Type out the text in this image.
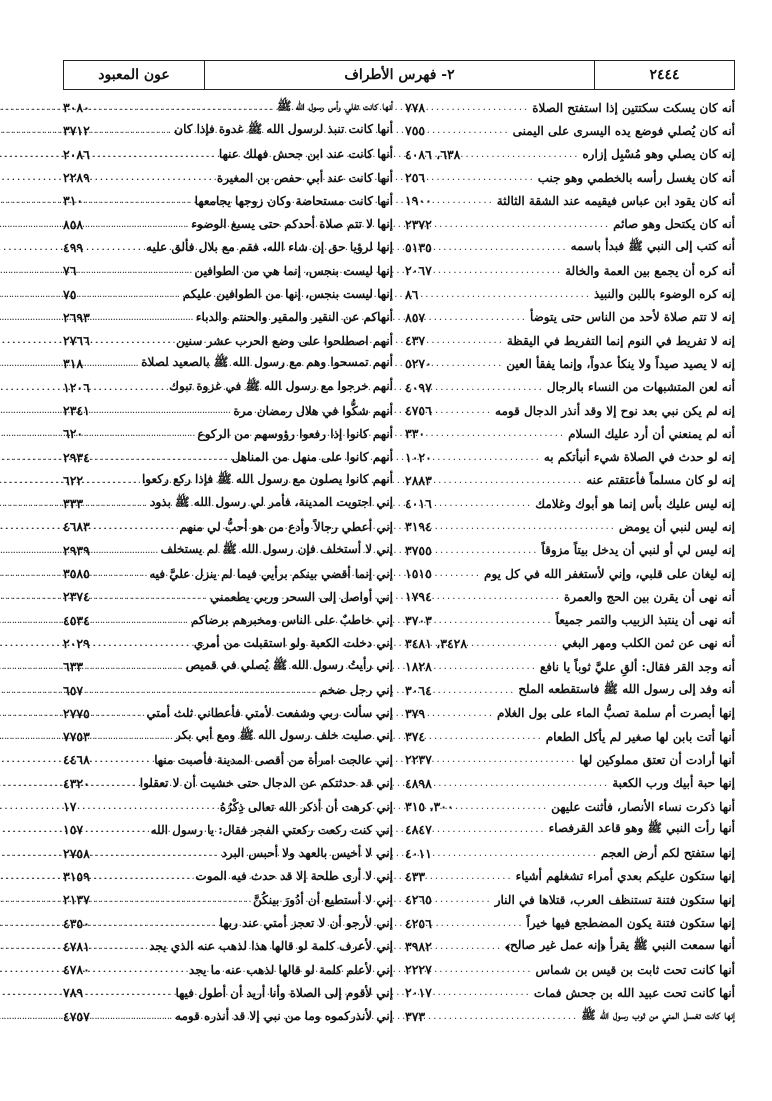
٢٤٤٤
٢- فهرس الأطراف
عون المعبود
أنه كان يسكت سكتتين إذا استفتح الصلاة
.....
٧٧٨
أنه كان يُصلي فوضع يده اليسرى على اليمنى
.....
٧٥٥
إنه كان يصلي وهو مُسْبِل إزاره
.....
٦٣٨، ٤٠٨٦
أنه كان يغسل رأسه بالخطمي وهو جنب
.....
٢٥٦
أنه كان يقود ابن عباس فيقيمه عند الشقة الثالثة
.....
١٩٠٠
أنه كان يكتحل وهو صائم
.....
٢٣٧٢
أنه كتب إلى النبي ﷺ فبدأ باسمه
.....
٥١٣٥
أنه كره أن يجمع بين العمة والخالة
.....
٢٠٦٧
إنه كره الوضوء باللبن والنبيذ
.....
٨٦
إنه لا تتم صلاة لأحد من الناس حتى يتوضأ
.....
٨٥٧
إنه لا تفريط في النوم إنما التفريط في اليقظة
.....
٤٣٧
إنه لا يصيد صيداً ولا ينكأ عدواً، وإنما يفقأ العين
.....
٥٢٧٠
أنه لعن المتشبهات من النساء بالرجال
.....
٤٠٩٧
إنه لم يكن نبي بعد نوح إلا وقد أنذر الدجال قومه
.....
٤٧٥٦
أنه لم يمنعني أن أرد عليك السلام
.....
٣٣٠
إنه لو حدث في الصلاة شيء أنبأتكم به
.....
١٠٢٠
إنه لو كان مسلماً فأعتقتم عنه
.....
٢٨٨٣
إنه ليس عليك بأس إنما هو أبوك وغلامك
.....
٤٠١٦
إنه ليس لنبي أن يومض
.....
٣١٩٤
إنه ليس لي أو لنبي أن يدخل بيتاً مزوقاً
.....
٣٧٥٥
إنه ليغان على قلبي، وإني لأستغفر الله في كل يوم
.....
١٥١٥
أنه نهى أن يقرن بين الحج والعمرة
.....
١٧٩٤
أنه نهى أن ينتبذ الزبيب والتمر جميعاً
.....
٣٧٠٣
أنه نهى عن ثمن الكلب ومهر البغي
.....
٣٤٢٨، ٣٤٨١
أنه وجد القر فقال: ألقِ عليَّ ثوباً يا نافع
.....
١٨٢٨
أنه وفد إلى رسول الله ﷺ فاستقطعه الملح
.....
٣٠٦٤
إنها أبصرت أم سلمة تصبُّ الماء على بول الغلام
.....
٣٧٩
أنها أتت بابن لها صغير لم يأكل الطعام
.....
٣٧٤
أنها أرادت أن تعتق مملوكين لها
.....
٢٢٣٧
إنها حبة أبيك ورب الكعبة
.....
٤٨٩٨
أنها ذكرت نساء الأنصار، فأثنت عليهن
.....
٣٠٠، ٣١٥
أنها رأت النبي ﷺ وهو قاعد القرفصاء
.....
٤٨٤٧
إنها ستفتح لكم أرض العجم
.....
٤٠١١
إنها ستكون عليكم بعدي أمراء تشغلهم أشياء
.....
٤٣٣
إنها ستكون فتنة تستنظف العرب، قتلاها في النار
.....
٤٢٦٥
إنها ستكون فتنة يكون المضطجع فيها خيراً
.....
٤٢٥٦
أنها سمعت النبي ﷺ يقرأ ﴿إنه عمل غير صالح﴾
.....
٣٩٨٢
أنها كانت تحت ثابت بن قيس بن شماس
.....
٢٢٢٧
أنها كانت تحت عبيد الله بن جحش فمات
.....
٢٠١٧
إنها كانت تغسل المني من ثوب رسول الله ﷺ
.....
٣٧٣
أنها كانت تفلي رأس رسول الله ﷺ
.....
٣٠٨٠
أنها كانت تنبذ لرسول الله ﷺ غدوة فإذا كان
.....
٣٧١٢
أنها كانت عند ابن جحش فهلك عنها
.....
٢٠٨٦
أنها كانت عند أبي حفص بن المغيرة
.....
٢٢٨٩
أنها كانت مستحاضة وكان زوجها يجامعها
.....
٣١٠
إنها لا تتم صلاة أحدكم حتى يسبغ الوضوء
.....
٨٥٨
إنها لرؤيا حق إن شاء الله، فقم مع بلال فألق عليه
.....
٤٩٩
إنها ليست بنجس، إنما هي من الطوافين
.....
٧٦
إنها ليست بنجس، إنها من الطوافين عليكم
.....
٧٥
أنهاكم عن النقير والمقير والحنتم والدباء
.....
٢٦٩٣
أنهم اصطلحوا على وضع الحرب عشر سنين
.....
٢٧٦٦
أنهم تمسحوا وهم مع رسول الله ﷺ بالصعيد لصلاة
.....
٣١٨
أنهم خرجوا مع رسول الله ﷺ في غزوة تبوك
.....
١٢٠٦
أنهم شكُّوا في هلال رمضان مرة
.....
٢٣٤١
أنهم كانوا إذا رفعوا رؤوسهم من الركوع
.....
٦٢٠
أنهم كانوا على منهل من المناهل
.....
٢٩٣٤
أنهم كانوا يصلون مع رسول الله ﷺ فإذا ركع ركعوا
.....
٦٢٢
إني اجتويت المدينة، فأمر لي رسول الله ﷺ بذود
.....
٣٣٣
إني أعطي رجالاً وأدع من هو أحبُّ لي منهم
.....
٤٦٨٣
إني لا أستخلف فإن رسول الله ﷺ لم يستخلف
.....
٢٩٣٩
إني إنما أقضي بينكم برأيي فيما لم ينزل عليَّ فيه
.....
٣٥٨٥
إني أواصل إلى السحر وربي يطعمني
.....
٢٣٧٤
إني خاطبٌ على الناس ومخبرهم برضاكم
.....
٤٥٣٤
إني دخلت الكعبة ولو استقبلت من أمري
.....
٢٠٢٩
إني رأيتُ رسول الله ﷺ يُصلي في قميص
.....
٦٣٣
إني رجل ضخم
.....
٦٥٧
إني سألت ربي وشفعت لأمتي فأعطاني ثلث أمتي
.....
٢٧٧٥
إني صليت خلف رسول الله ﷺ ومع أبي بكر
.....
٧٧٥٣
إني عالجت امرأة من أقصى المدينة فأصبت منها
.....
٤٤٦٨
إني قد حدثتكم عن الدجال حتى خشيت أن لا تعقلوا
.....
٤٣٢٠
إني كرهت أن أذكر الله تعالى ذِكْرُهُ
.....
١٧
إني كنت ركعت ركعتي الفجر فقال: يا رسول الله
.....
١٥٧
إني لا أخيس بالعهد ولا أحبس البرد
.....
٢٧٥٨
إني لا أرى طلحة إلا قد حدث فيه الموت
.....
٣١٥٩
إني لا أستطيع أن أدُورَ بينكُنَّ
.....
٢١٣٧
إني لأرجو أن لا تعجز أمتي عند ربها
.....
٤٣٥٠
إني لأعرف كلمة لو قالها هذا لذهب عنه الذي يجد
.....
٤٧٨١
إني لأعلم كلمة لو قالها لذهب عنه ما يجد
.....
٤٧٨٠
إني لأقوم إلى الصلاة وأنا أريد أن أطول فيها
.....
٧٨٩
إني لأنذركموه وما من نبي إلا قد أنذره قومه
.....
٤٧٥٧
